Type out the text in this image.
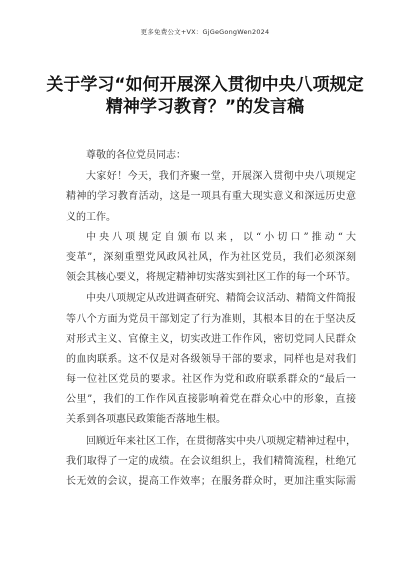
更多免费公文+VX：GjGeGongWen2024
关于学习“如何开展深入贯彻中央八项规定
精神学习教育？”的发言稿
尊敬的各位党员同志：
大家好！今天，我们齐聚一堂，开展深入贯彻中央八项规定
精神的学习教育活动，这是一项具有重大现实意义和深远历史意
义的工作。
中央八项规定自颁布以来，以“小切口”推动“大
变革”，深刻重塑党风政风社风，作为社区党员，我们必须深刻
领会其核心要义，将规定精神切实落实到社区工作的每一个环节。
中央八项规定从改进调查研究、精简会议活动、精简文件简报
等八个方面为党员干部划定了行为准则，其根本目的在于坚决反
对形式主义、官僚主义，切实改进工作作风，密切党同人民群众
的血肉联系。这不仅是对各级领导干部的要求，同样也是对我们
每一位社区党员的要求。社区作为党和政府联系群众的“最后一
公里”，我们的工作作风直接影响着党在群众心中的形象，直接
关系到各项惠民政策能否落地生根。
回顾近年来社区工作，在贯彻落实中央八项规定精神过程中，
我们取得了一定的成绩。在会议组织上，我们精简流程，杜绝冗
长无效的会议，提高工作效率；在服务群众时，更加注重实际需
